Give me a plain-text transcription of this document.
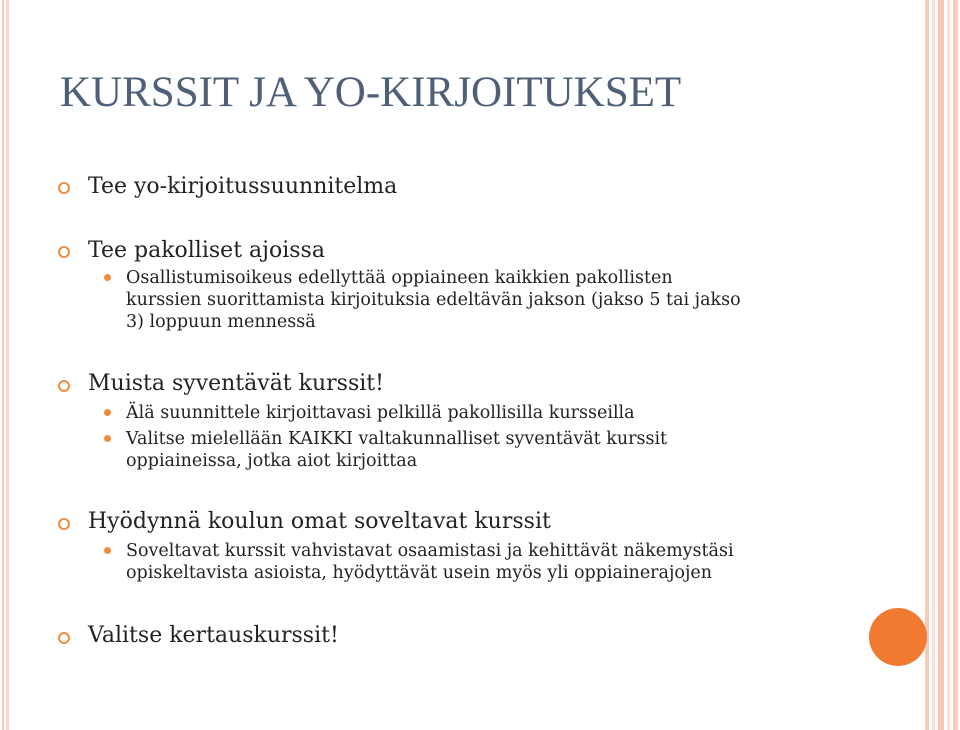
KURSSIT JA YO-KIRJOITUKSET
Tee yo-kirjoitussuunnitelma
Tee pakolliset ajoissa
Osallistumisoikeus edellyttää oppiaineen kaikkien pakollisten
kurssien suorittamista kirjoituksia edeltävän jakson (jakso 5 tai jakso
3) loppuun mennessä
Muista syventävät kurssit!
Älä suunnittele kirjoittavasi pelkillä pakollisilla kursseilla
Valitse mielellään KAIKKI valtakunnalliset syventävät kurssit
oppiaineissa, jotka aiot kirjoittaa
Hyödynnä koulun omat soveltavat kurssit
Soveltavat kurssit vahvistavat osaamistasi ja kehittävät näkemystäsi
opiskeltavista asioista, hyödyttävät usein myös yli oppiainerajojen
Valitse kertauskurssit!
